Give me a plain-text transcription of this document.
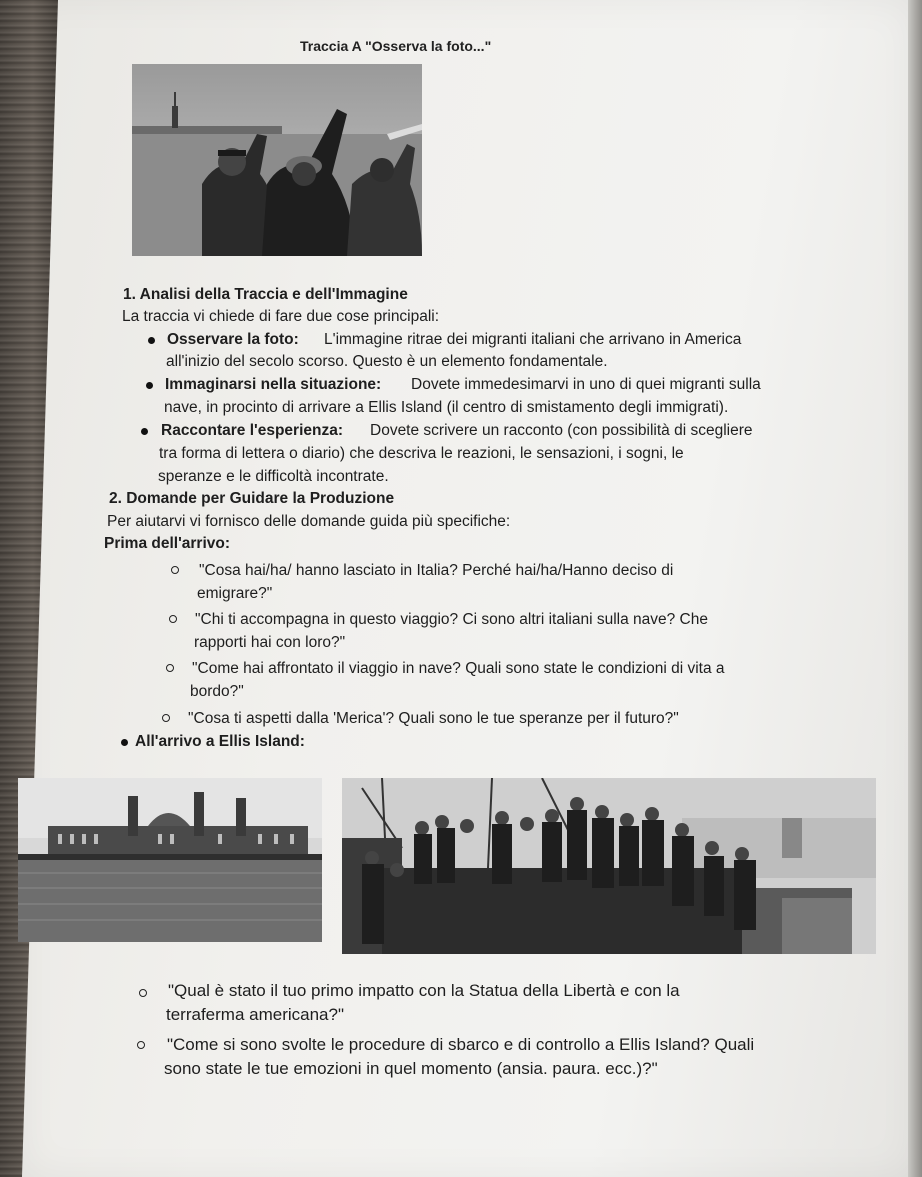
Traccia A "Osserva la foto..."
1. Analisi della Traccia e dell'Immagine
La traccia vi chiede di fare due cose principali:
Osservare la foto: L'immagine ritrae dei migranti italiani che arrivano in America
all'inizio del secolo scorso. Questo è un elemento fondamentale.
Immaginarsi nella situazione: Dovete immedesimarvi in uno di quei migranti sulla
nave, in procinto di arrivare a Ellis Island (il centro di smistamento degli immigrati).
Raccontare l'esperienza: Dovete scrivere un racconto (con possibilità di scegliere
tra forma di lettera o diario) che descriva le reazioni, le sensazioni, i sogni, le
speranze e le difficoltà incontrate.
2. Domande per Guidare la Produzione
Per aiutarvi vi fornisco delle domande guida più specifiche:
Prima dell'arrivo:
"Cosa hai/ha/ hanno lasciato in Italia? Perché hai/ha/Hanno deciso di
emigrare?"
"Chi ti accompagna in questo viaggio? Ci sono altri italiani sulla nave? Che
rapporti hai con loro?"
"Come hai affrontato il viaggio in nave? Quali sono state le condizioni di vita a
bordo?"
"Cosa ti aspetti dalla 'Merica'? Quali sono le tue speranze per il futuro?"
All'arrivo a Ellis Island:
"Qual è stato il tuo primo impatto con la Statua della Libertà e con la
terraferma americana?"
"Come si sono svolte le procedure di sbarco e di controllo a Ellis Island? Quali
sono state le tue emozioni in quel momento (ansia. paura. ecc.)?"
